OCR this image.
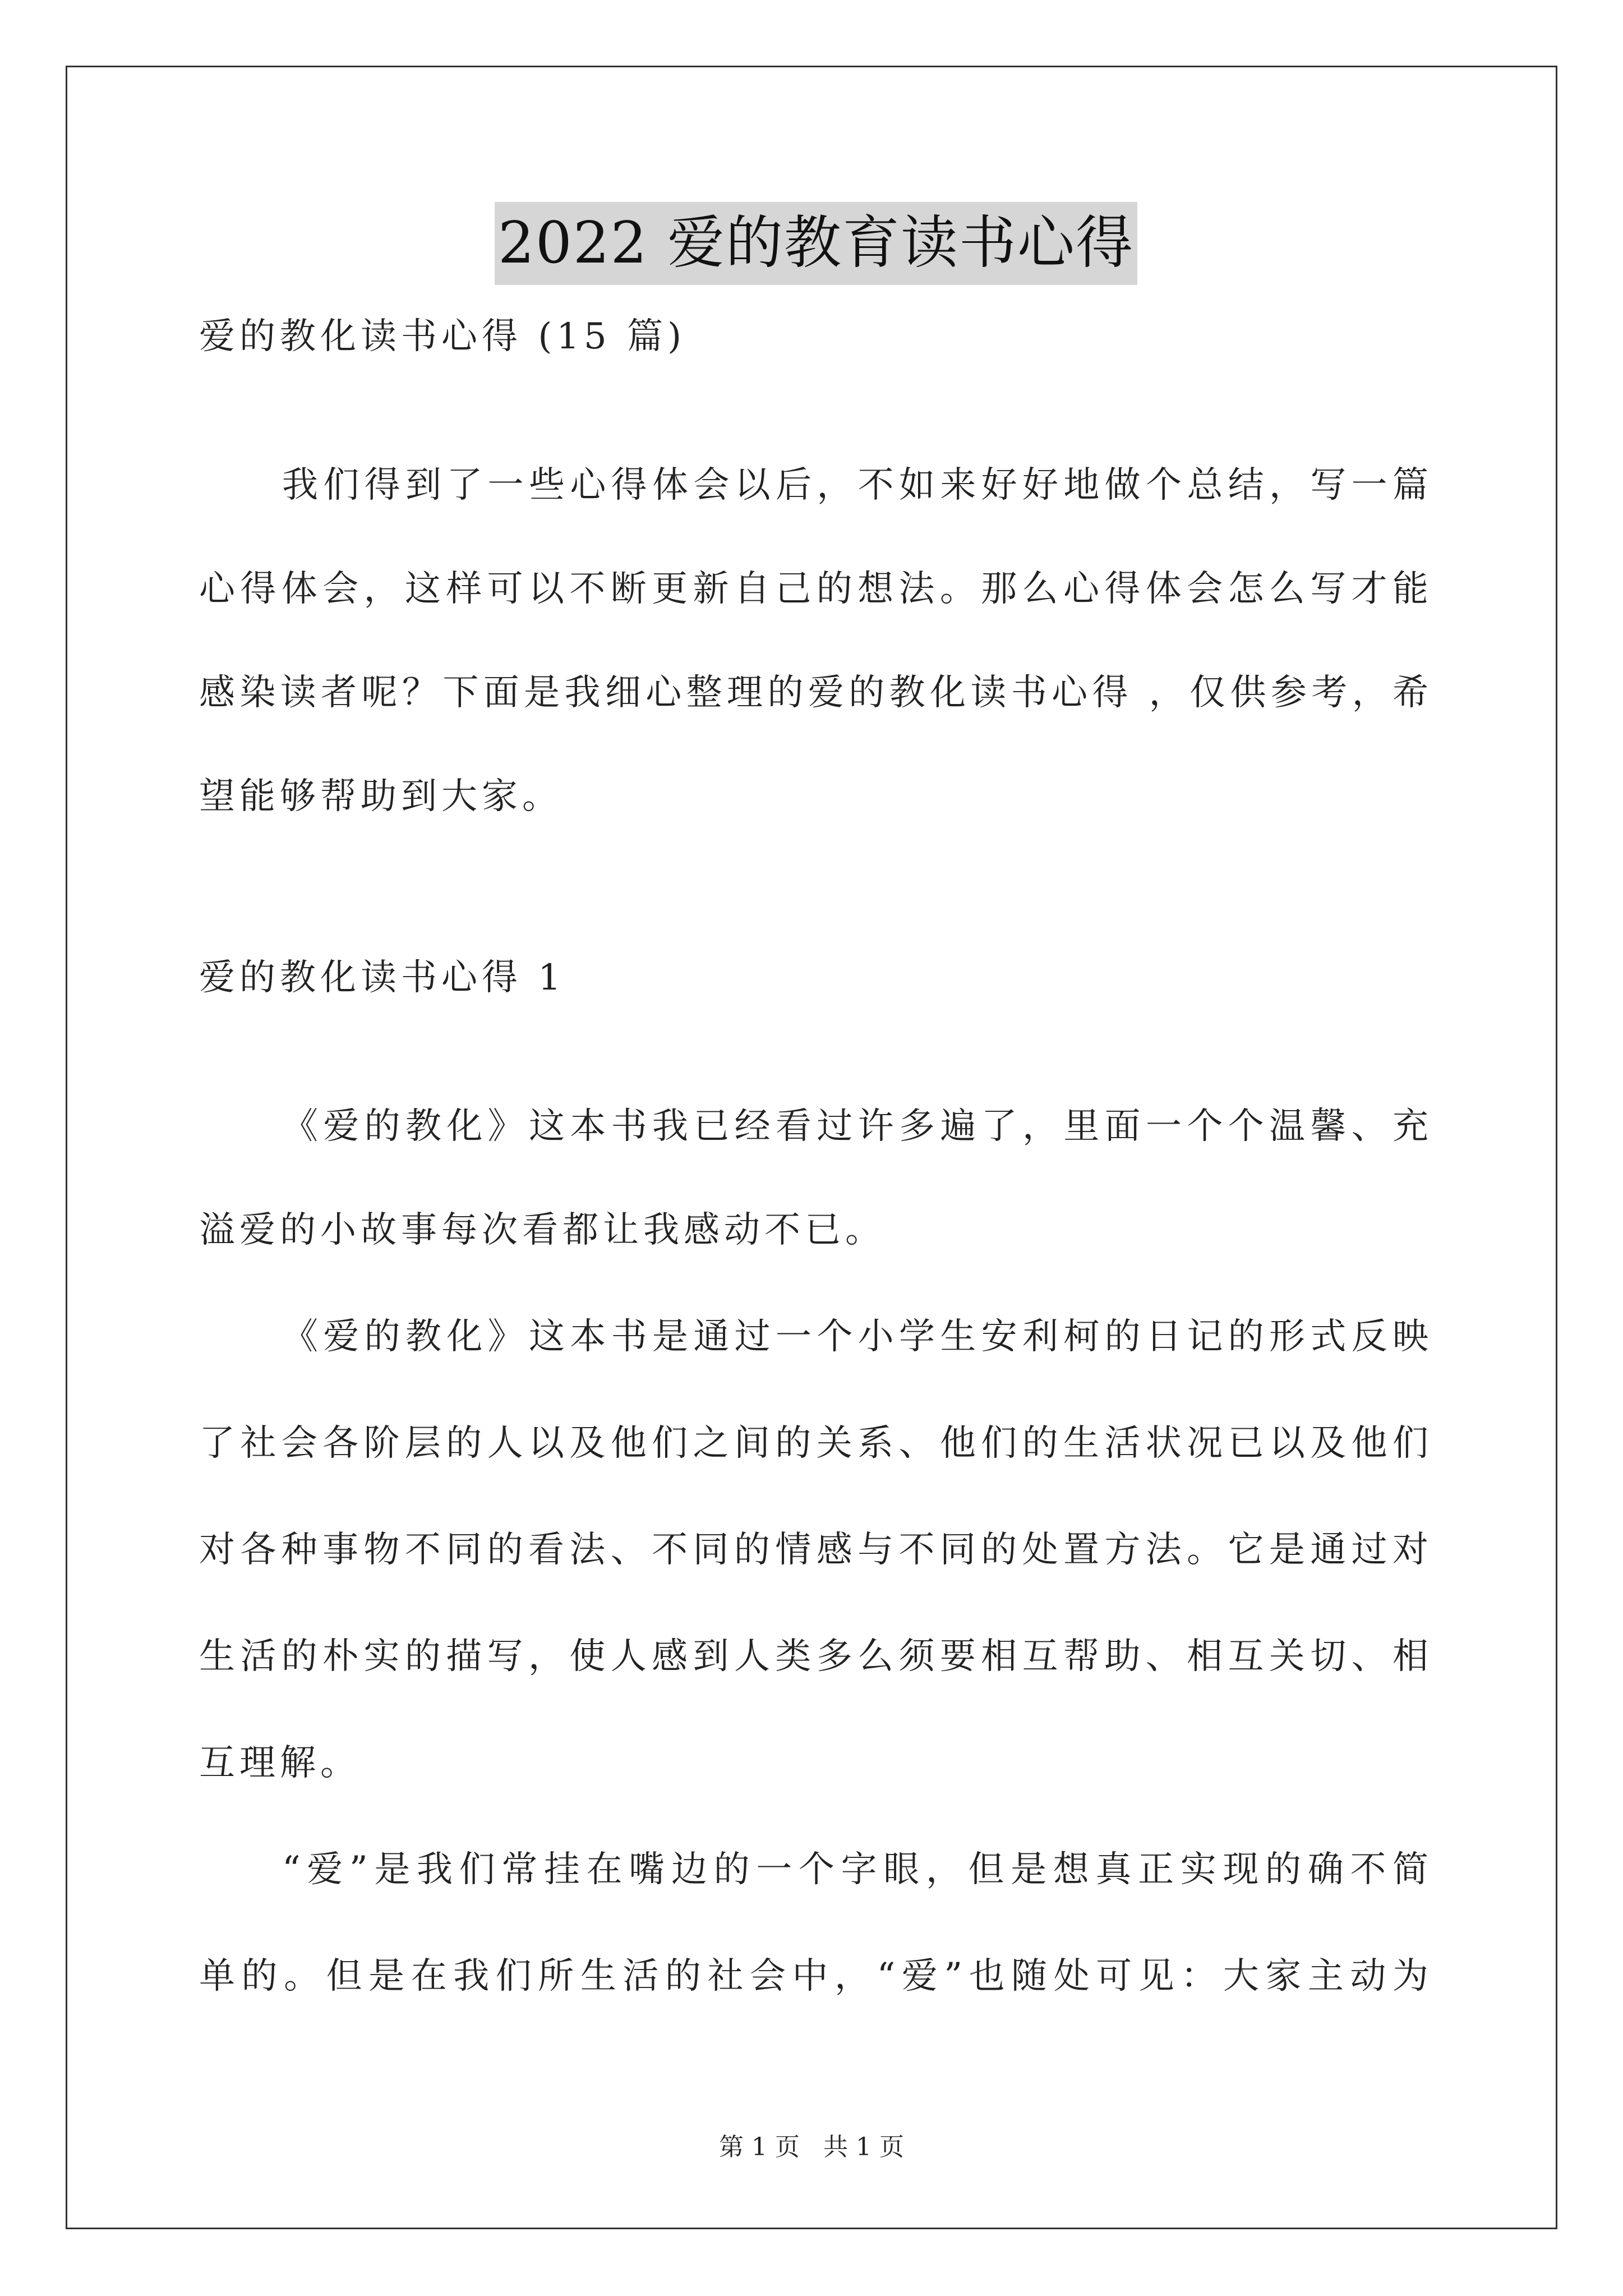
2022 爱的教育读书心得
爱的教化读书心得 (15 篇)
我们得到了一些心得体会以后，不如来好好地做个总结，写一篇
心得体会，这样可以不断更新自己的想法。那么心得体会怎么写才能
感染读者呢？下面是我细心整理的爱的教化读书心得 ，仅供参考，希
望能够帮助到大家。
爱的教化读书心得 1
《爱的教化》这本书我已经看过许多遍了，里面一个个温馨、充
溢爱的小故事每次看都让我感动不已。
《爱的教化》这本书是通过一个小学生安利柯的日记的形式反映
了社会各阶层的人以及他们之间的关系、他们的生活状况已以及他们
对各种事物不同的看法、不同的情感与不同的处置方法。它是通过对
生活的朴实的描写，使人感到人类多么须要相互帮助、相互关切、相
互理解。
“爱”是我们常挂在嘴边的一个字眼，但是想真正实现的确不简
单的。但是在我们所生活的社会中，“爱”也随处可见：大家主动为
第 1 页   共 1 页
